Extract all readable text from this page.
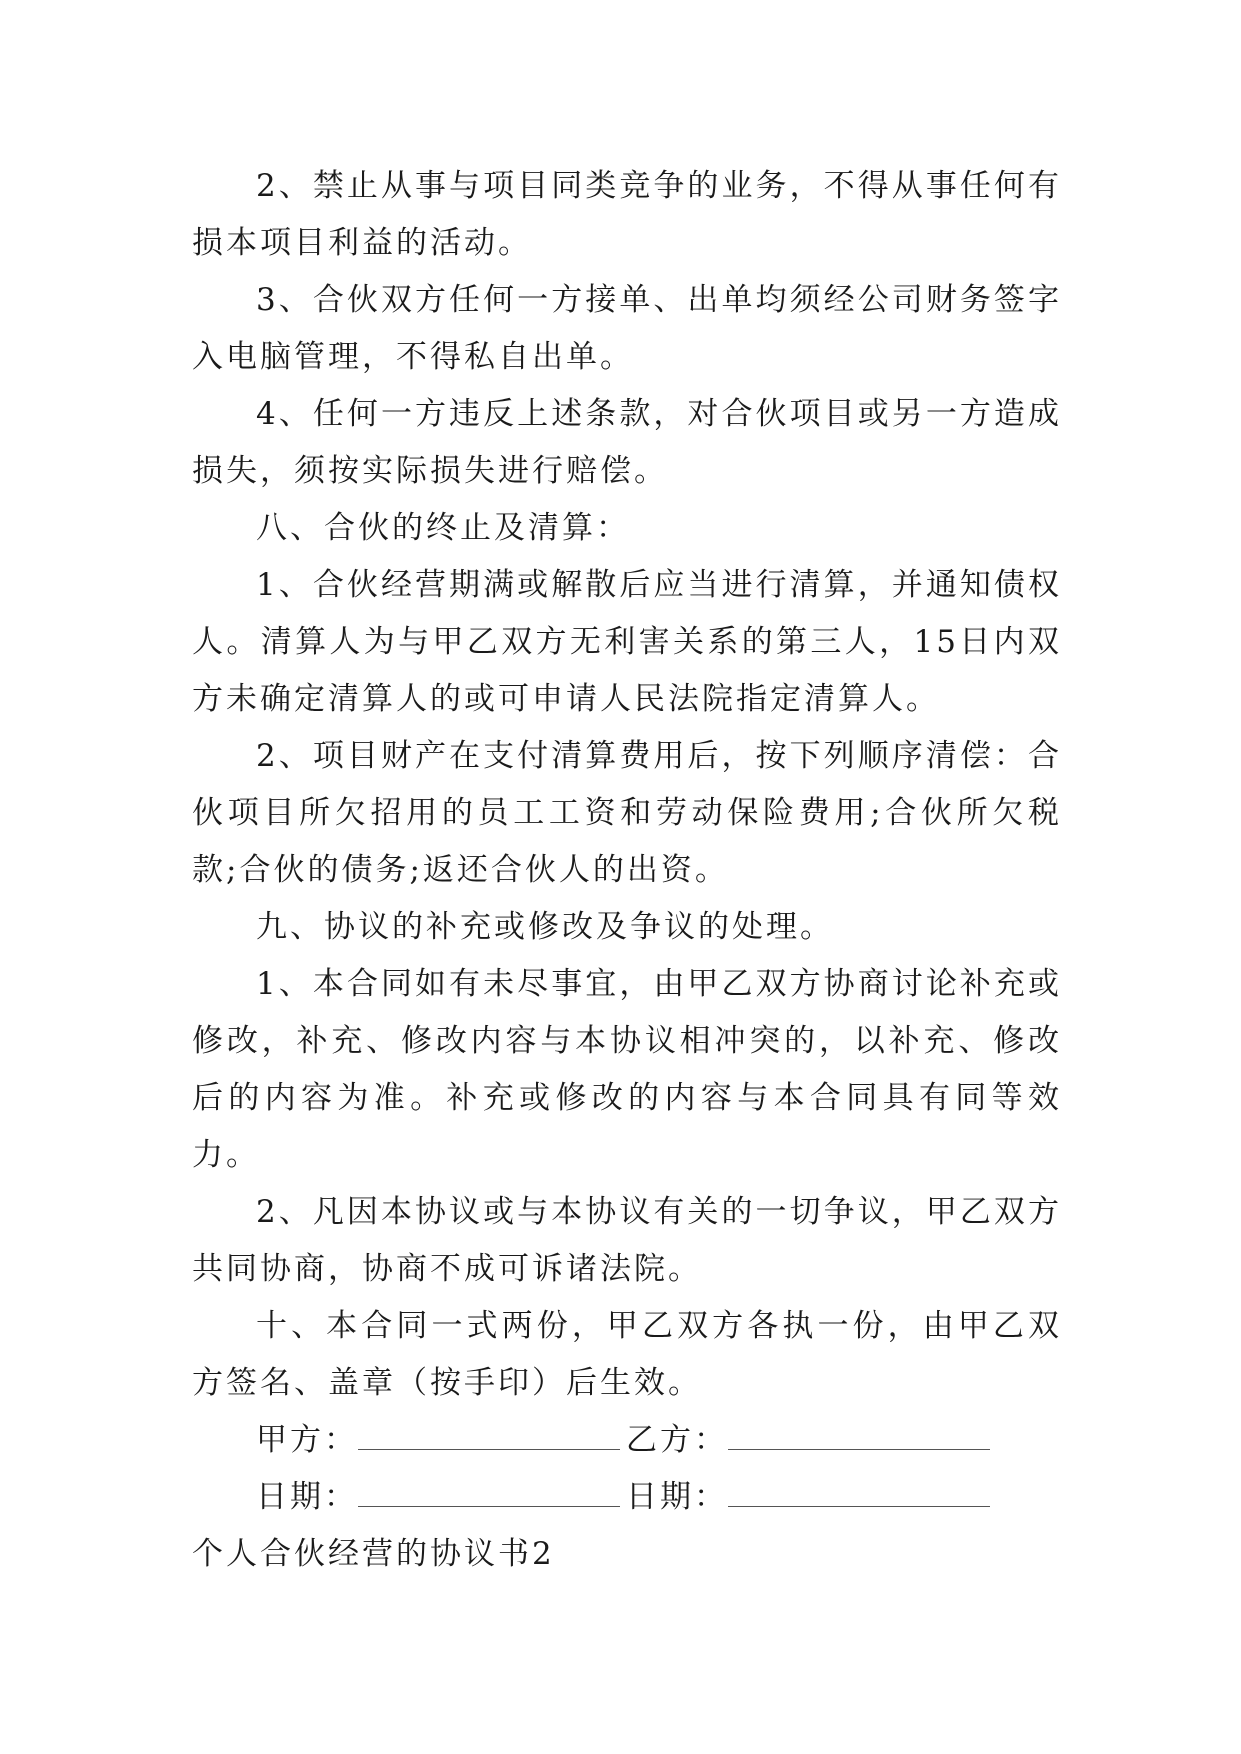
2、禁止从事与项目同类竞争的业务，不得从事任何有损本项目利益的活动。

3、合伙双方任何一方接单、出单均须经公司财务签字入电脑管理，不得私自出单。

4、任何一方违反上述条款，对合伙项目或另一方造成损失，须按实际损失进行赔偿。

八、合伙的终止及清算：

1、合伙经营期满或解散后应当进行清算，并通知债权人。清算人为与甲乙双方无利害关系的第三人，15日内双方未确定清算人的或可申请人民法院指定清算人。

2、项目财产在支付清算费用后，按下列顺序清偿：合伙项目所欠招用的员工工资和劳动保险费用;合伙所欠税款;合伙的债务;返还合伙人的出资。

九、协议的补充或修改及争议的处理。

1、本合同如有未尽事宜，由甲乙双方协商讨论补充或修改，补充、修改内容与本协议相冲突的，以补充、修改后的内容为准。补充或修改的内容与本合同具有同等效力。

2、凡因本协议或与本协议有关的一切争议，甲乙双方共同协商，协商不成可诉诸法院。

十、本合同一式两份，甲乙双方各执一份，由甲乙双方签名、盖章（按手印）后生效。

甲方：	乙方：

日期：	日期：

个人合伙经营的协议书2
